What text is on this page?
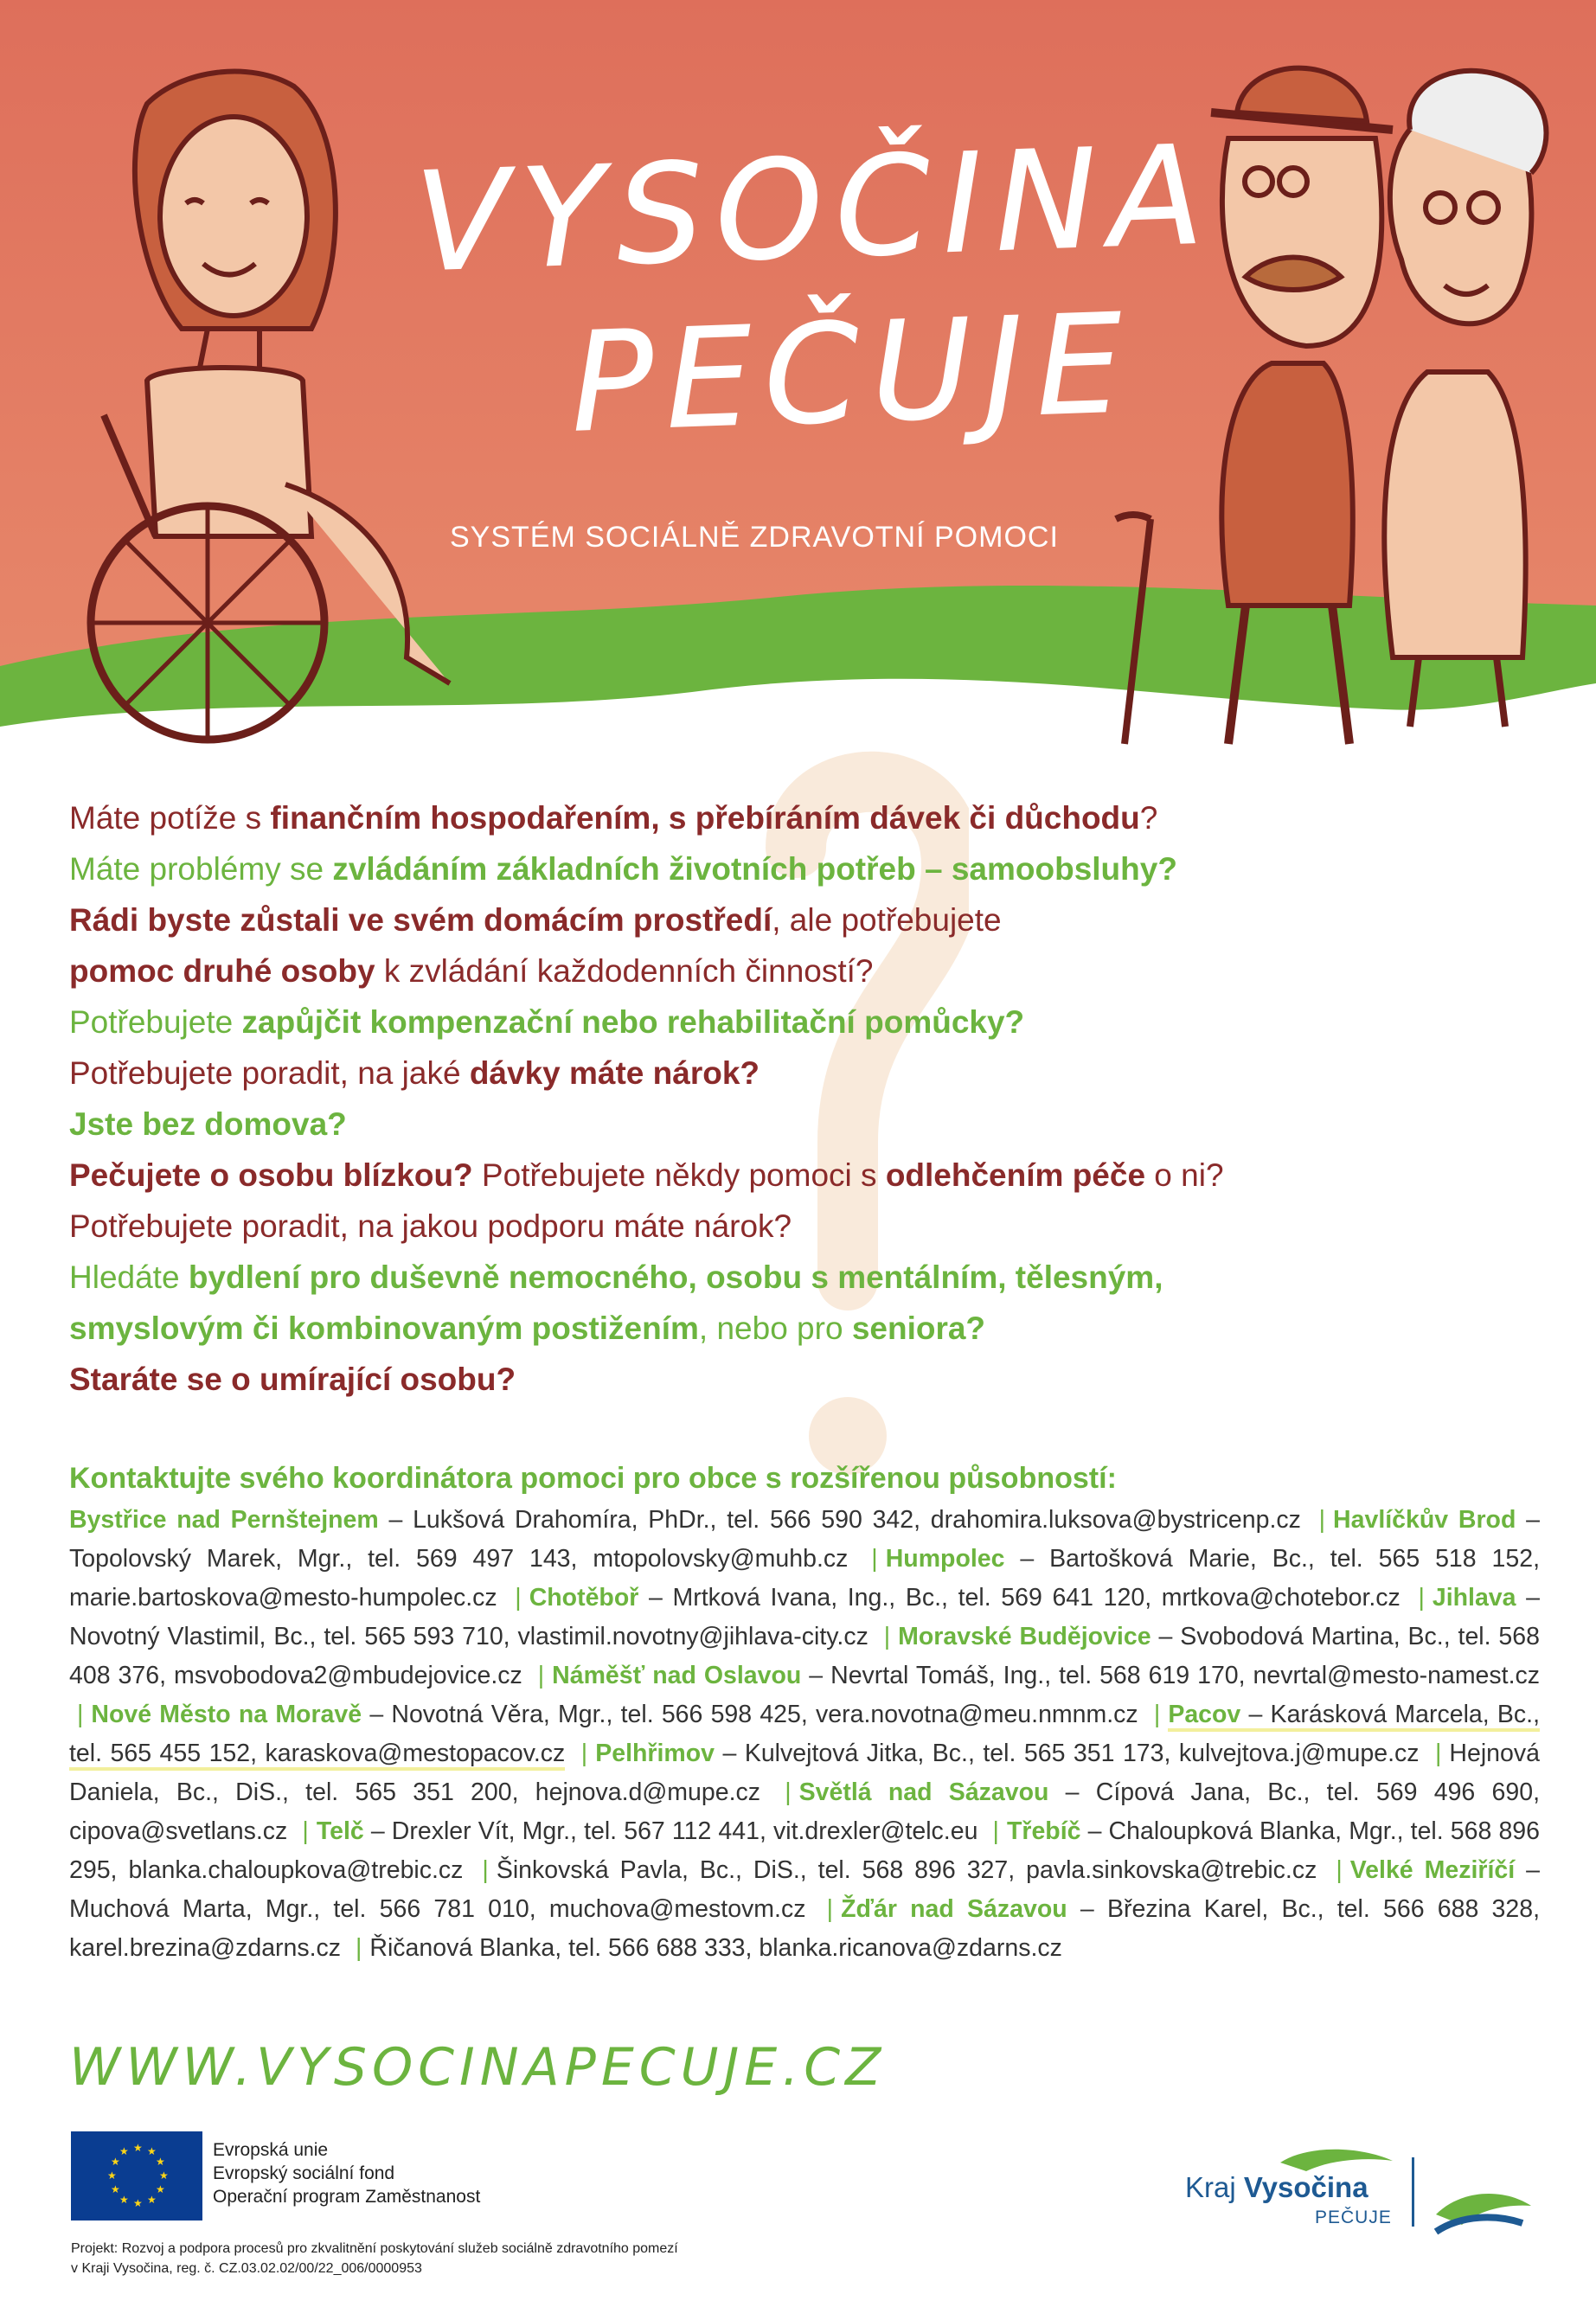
VYSOČINA
PEČUJE
SYSTÉM SOCIÁLNĚ ZDRAVOTNÍ POMOCI
Máte potíže s finančním hospodařením, s přebíráním dávek či důchodu?
Máte problémy se zvládáním základních životních potřeb – samoobsluhy?
Rádi byste zůstali ve svém domácím prostředí, ale potřebujete
pomoc druhé osoby k zvládání každodenních činností?
Potřebujete zapůjčit kompenzační nebo rehabilitační pomůcky?
Potřebujete poradit, na jaké dávky máte nárok?
Jste bez domova?
Pečujete o osobu blízkou? Potřebujete někdy pomoci s odlehčením péče o ni?
Potřebujete poradit, na jakou podporu máte nárok?
Hledáte bydlení pro duševně nemocného, osobu s mentálním, tělesným,
smyslovým či kombinovaným postižením, nebo pro seniora?
Staráte se o umírající osobu?
Kontaktujte svého koordinátora pomoci pro obce s rozšířenou působností:
Bystřice nad Pernštejnem – Lukšová Drahomíra, PhDr., tel. 566 590 342, drahomira.luksova@bystricenp.cz | Havlíčkův Brod – Topolovský Marek, Mgr., tel. 569 497 143, mtopolovsky@muhb.cz | Humpolec – Bartošková Marie, Bc., tel. 565 518 152, marie.bartoskova@mesto-humpolec.cz | Chotěboř – Mrtková Ivana, Ing., Bc., tel. 569 641 120, mrtkova@chotebor.cz | Jihlava – Novotný Vlastimil, Bc., tel. 565 593 710, vlastimil.novotny@jihlava-city.cz | Moravské Budějovice – Svobodová Martina, Bc., tel. 568 408 376, msvobodova2@mbudejovice.cz | Náměšť nad Oslavou – Nevrtal Tomáš, Ing., tel. 568 619 170, nevrtal@mesto-namest.cz | Nové Město na Moravě – Novotná Věra, Mgr., tel. 566 598 425, vera.novotna@meu.nmnm.cz | Pacov – Karásková Marcela, Bc., tel. 565 455 152, karaskova@mestopacov.cz | Pelhřimov – Kulvejtová Jitka, Bc., tel. 565 351 173, kulvejtova.j@mupe.cz | Hejnová Daniela, Bc., DiS., tel. 565 351 200, hejnova.d@mupe.cz | Světlá nad Sázavou – Cípová Jana, Bc., tel. 569 496 690, cipova@svetlans.cz | Telč – Drexler Vít, Mgr., tel. 567 112 441, vit.drexler@telc.eu | Třebíč – Chaloupková Blanka, Mgr., tel. 568 896 295, blanka.chaloupkova@trebic.cz | Šinkovská Pavla, Bc., DiS., tel. 568 896 327, pavla.sinkovska@trebic.cz | Velké Meziříčí – Muchová Marta, Mgr., tel. 566 781 010, muchova@mestovm.cz | Žďár nad Sázavou – Březina Karel, Bc., tel. 566 688 328, karel.brezina@zdarns.cz | Řičanová Blanka, tel. 566 688 333, blanka.ricanova@zdarns.cz
WWW.VYSOCINAPECUJE.CZ
★ ★
★
★
★
★
★
★
★
★
★
★	Evropská unie
Evropský sociální fond
Operační program Zaměstnanost
Projekt: Rozvoj a podpora procesů pro zkvalitnění poskytování služeb sociálně zdravotního pomezí
v Kraji Vysočina, reg. č. CZ.03.02.02/00/22_006/0000953
Kraj Vysočina
PEČUJE
